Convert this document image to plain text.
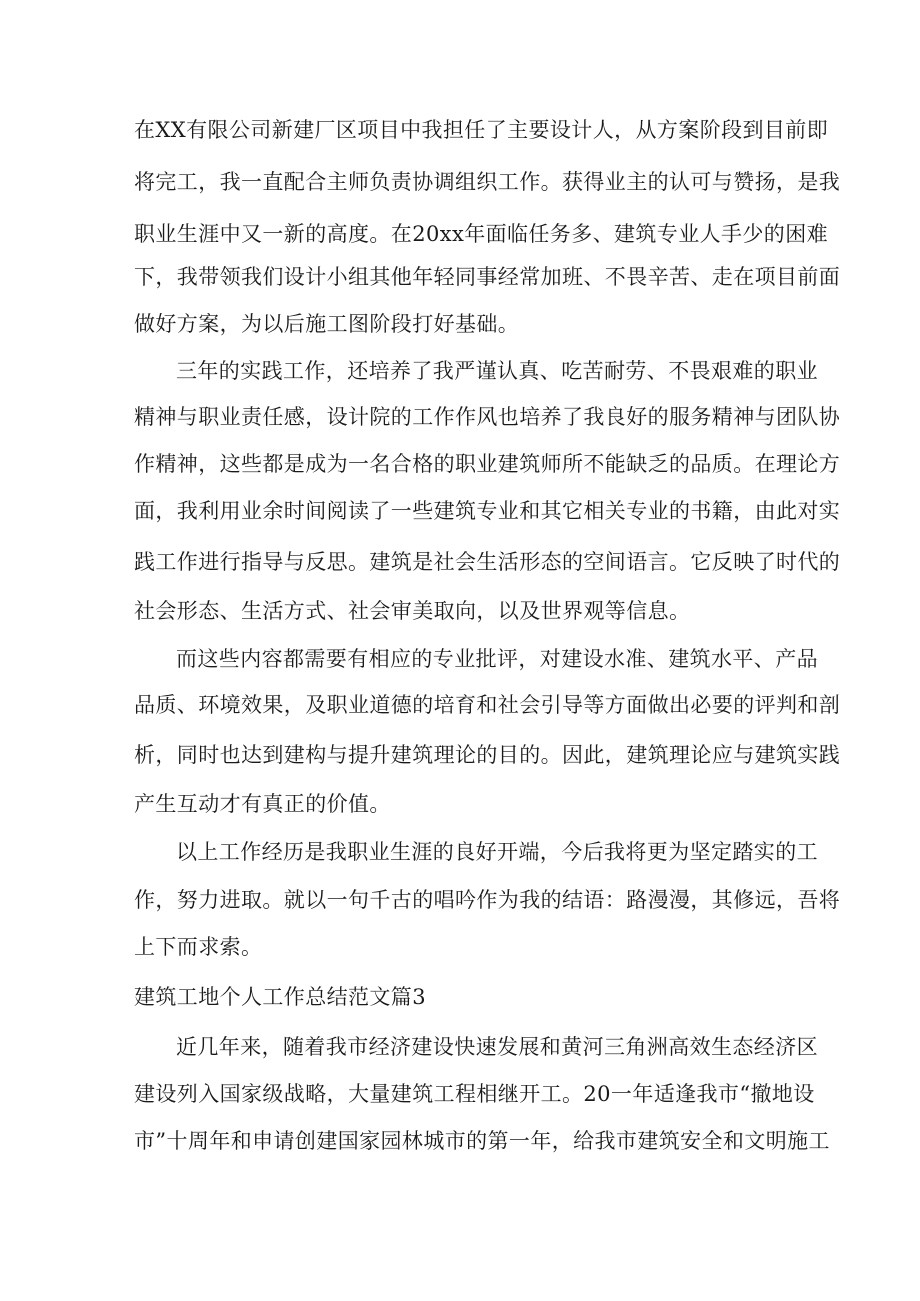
在XX有限公司新建厂区项目中我担任了主要设计人，从方案阶段到目前即
将完工，我一直配合主师负责协调组织工作。获得业主的认可与赞扬，是我
职业生涯中又一新的高度。在20xx年面临任务多、建筑专业人手少的困难
下，我带领我们设计小组其他年轻同事经常加班、不畏辛苦、走在项目前面
做好方案，为以后施工图阶段打好基础。
三年的实践工作，还培养了我严谨认真、吃苦耐劳、不畏艰难的职业
精神与职业责任感，设计院的工作作风也培养了我良好的服务精神与团队协
作精神，这些都是成为一名合格的职业建筑师所不能缺乏的品质。在理论方
面，我利用业余时间阅读了一些建筑专业和其它相关专业的书籍，由此对实
践工作进行指导与反思。建筑是社会生活形态的空间语言。它反映了时代的
社会形态、生活方式、社会审美取向，以及世界观等信息。
而这些内容都需要有相应的专业批评，对建设水准、建筑水平、产品
品质、环境效果，及职业道德的培育和社会引导等方面做出必要的评判和剖
析，同时也达到建构与提升建筑理论的目的。因此，建筑理论应与建筑实践
产生互动才有真正的价值。
以上工作经历是我职业生涯的良好开端，今后我将更为坚定踏实的工
作，努力进取。就以一句千古的唱吟作为我的结语：路漫漫，其修远，吾将
上下而求索。
建筑工地个人工作总结范文篇3
近几年来，随着我市经济建设快速发展和黄河三角洲高效生态经济区
建设列入国家级战略，大量建筑工程相继开工。20一年适逢我市“撤地设
市”十周年和申请创建国家园林城市的第一年，给我市建筑安全和文明施工
